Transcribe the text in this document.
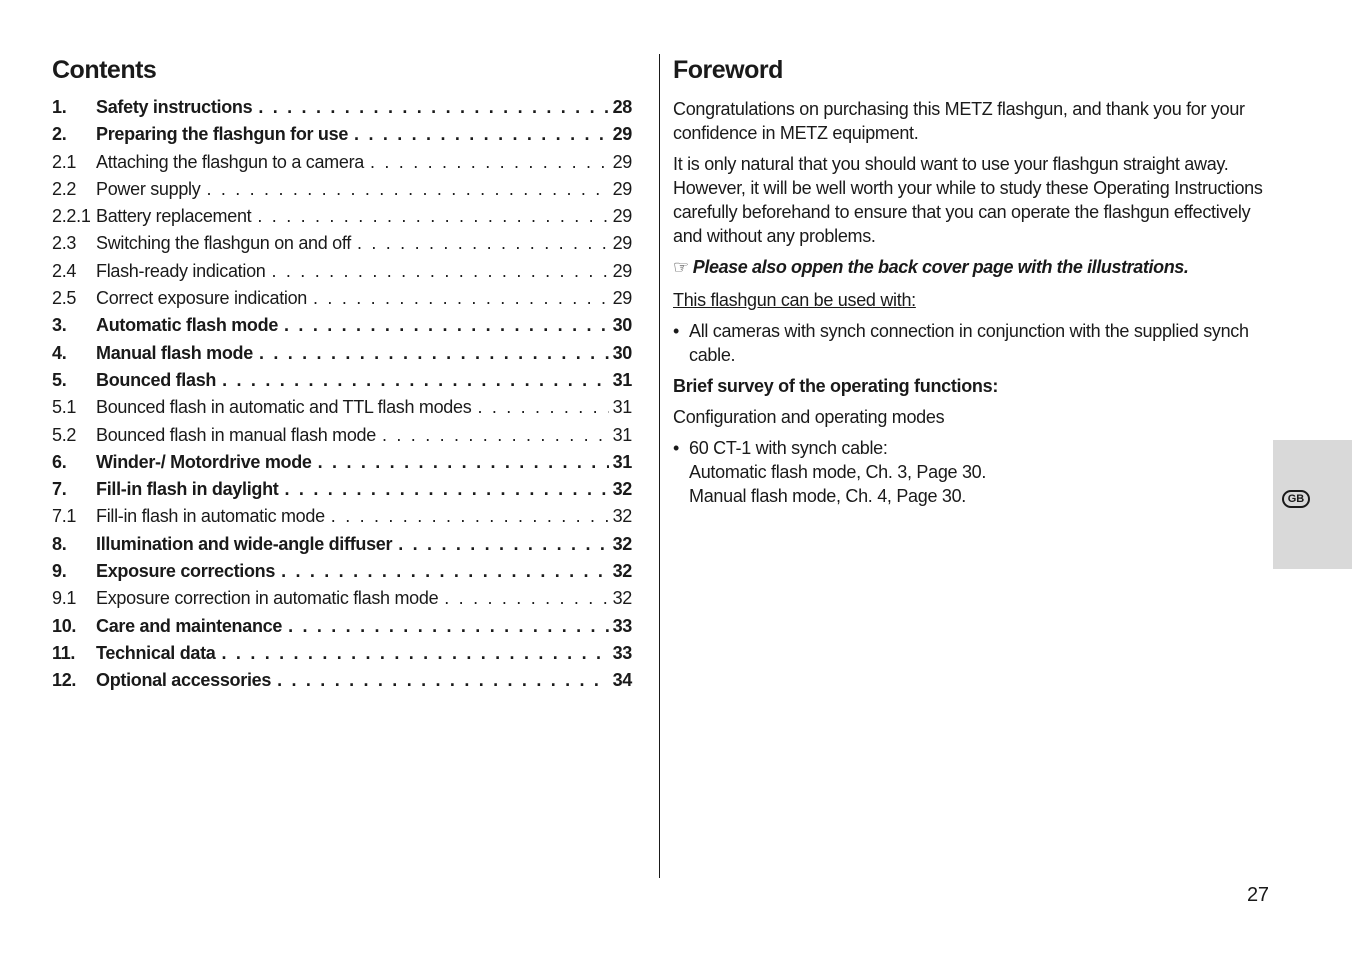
Contents
1.	Safety instructions . . .	28
2.	Preparing the flashgun for use . . .	29
2.1	Attaching the flashgun to a camera . . .	29
2.2	Power supply . . .	29
2.2.1 Battery replacement . . .	29
2.3	Switching the flashgun on and off . . .	29
2.4	Flash-ready indication . . .	29
2.5	Correct exposure indication . . .	29
3.	Automatic flash mode . . .	30
4.	Manual flash mode . . .	30
5.	Bounced flash . . .	31
5.1	Bounced flash in automatic and TTL flash modes . . .	31
5.2	Bounced flash in manual flash mode . . .	31
6.	Winder-/ Motordrive mode . . .	31
7.	Fill-in flash in daylight . . .	32
7.1	Fill-in flash in automatic mode . . .	32
8.	Illumination and wide-angle diffuser . . .	32
9.	Exposure corrections . . .	32
9.1	Exposure correction in automatic flash mode . . .	32
10.	Care and maintenance . . .	33
11.	Technical data . . .	33
12.	Optional accessories . . .	34
Foreword

Congratulations on purchasing this METZ flashgun, and thank you for your confidence in METZ equipment.

It is only natural that you should want to use your flashgun straight away. However, it will be well worth your while to study these Operating Instructions carefully beforehand to ensure that you can operate the flashgun effectively and without any problems.

☞ Please also oppen the back cover page with the illustrations.

This flashgun can be used with:

• All cameras with synch connection in conjunction with the supplied synch cable.

Brief survey of the operating functions:

Configuration and operating modes

• 60 CT-1 with synch cable:
Automatic flash mode, Ch. 3, Page 30.
Manual flash mode, Ch. 4, Page 30.	GB
27
